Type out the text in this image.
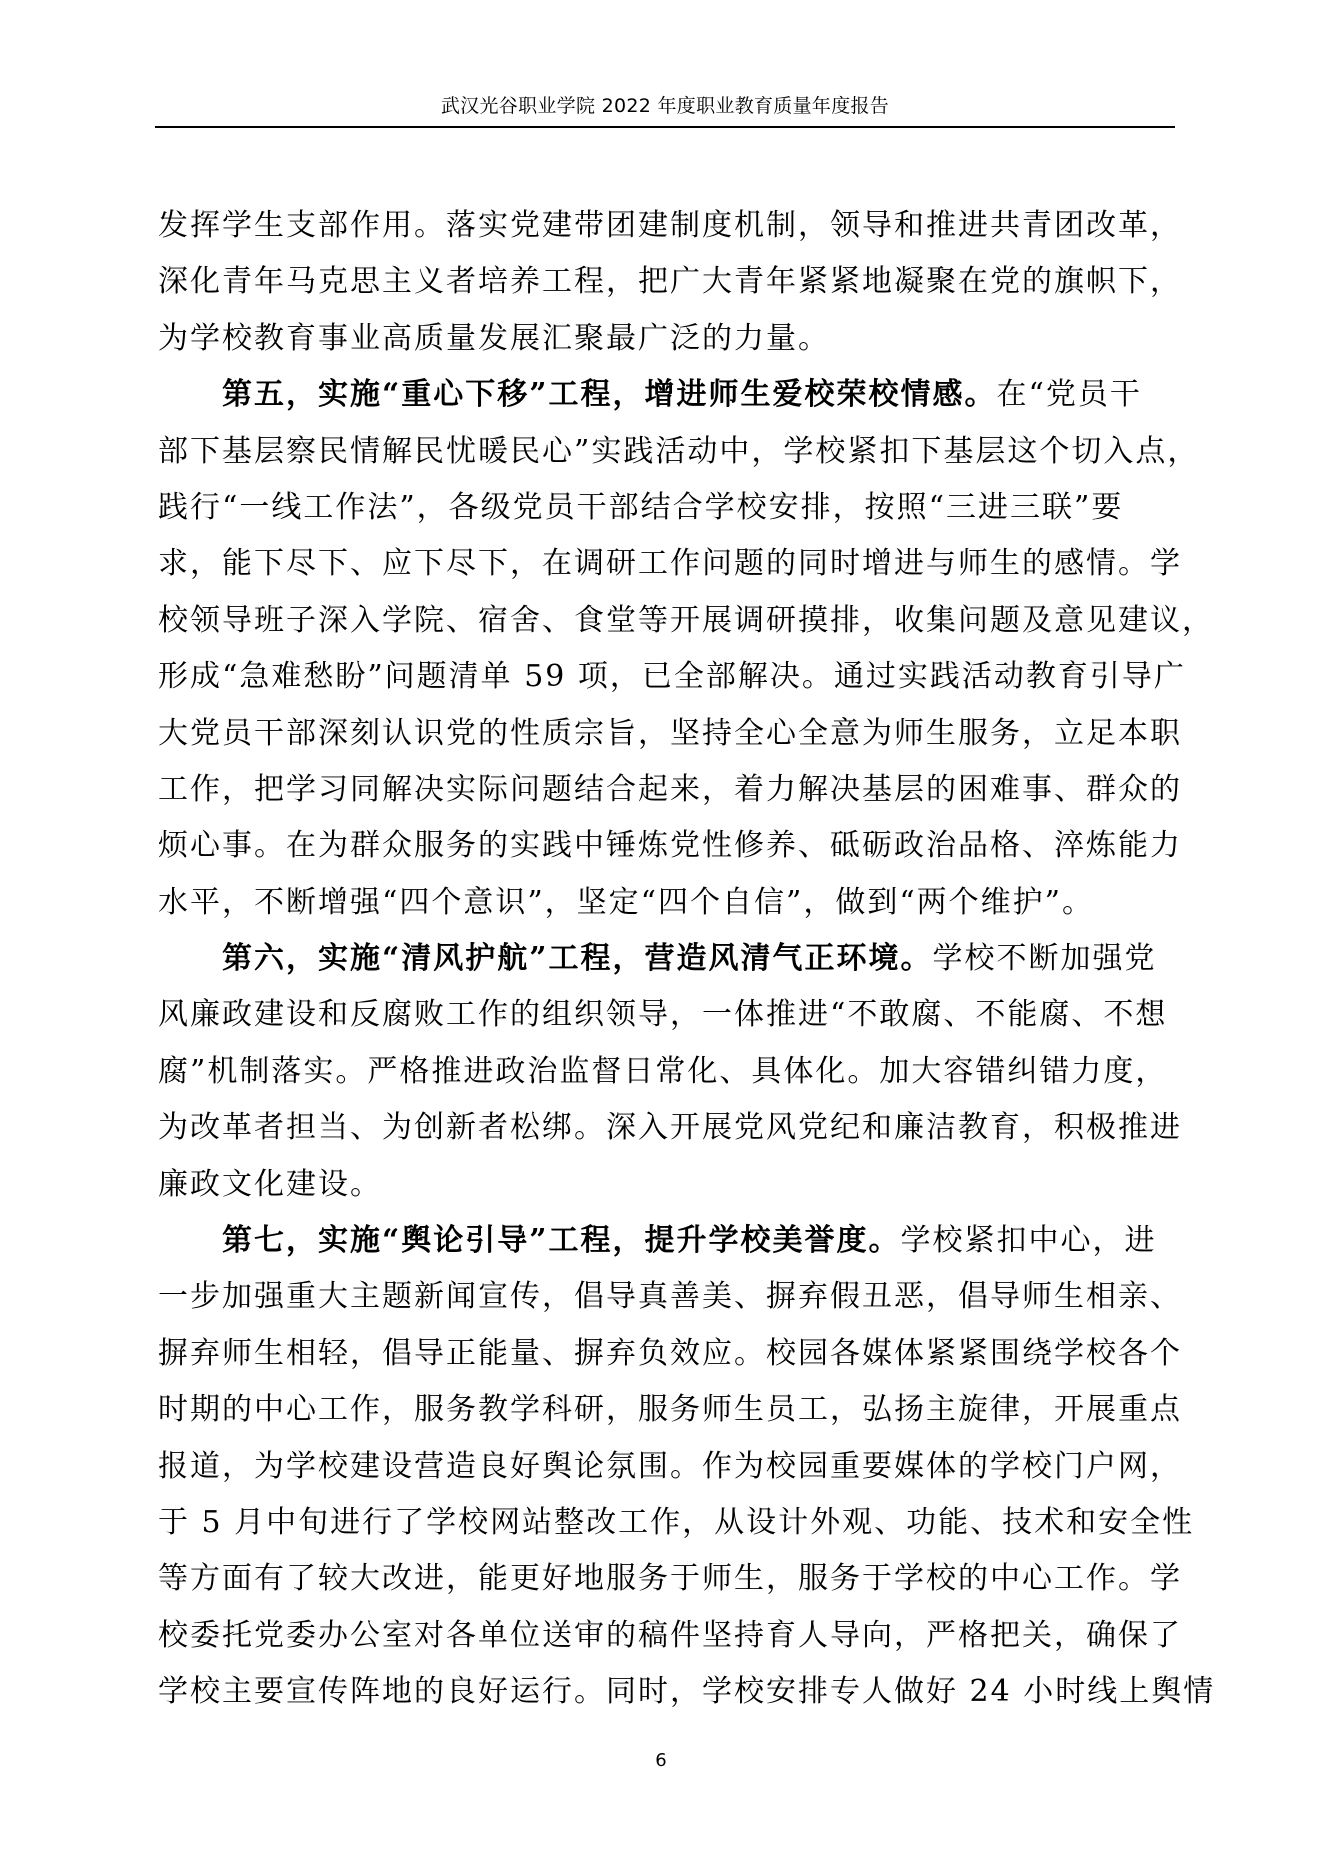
武汉光谷职业学院 2022 年度职业教育质量年度报告
发挥学生支部作用。落实党建带团建制度机制，领导和推进共青团改革，
深化青年马克思主义者培养工程，把广大青年紧紧地凝聚在党的旗帜下，
为学校教育事业高质量发展汇聚最广泛的力量。
第五，实施“重心下移”工程，增进师生爱校荣校情感。在“党员干
部下基层察民情解民忧暖民心”实践活动中，学校紧扣下基层这个切入点，
践行“一线工作法”，各级党员干部结合学校安排，按照“三进三联”要
求，能下尽下、应下尽下，在调研工作问题的同时增进与师生的感情。学
校领导班子深入学院、宿舍、食堂等开展调研摸排，收集问题及意见建议，
形成“急难愁盼”问题清单 59 项，已全部解决。通过实践活动教育引导广
大党员干部深刻认识党的性质宗旨，坚持全心全意为师生服务，立足本职
工作，把学习同解决实际问题结合起来，着力解决基层的困难事、群众的
烦心事。在为群众服务的实践中锤炼党性修养、砥砺政治品格、淬炼能力
水平，不断增强“四个意识”，坚定“四个自信”，做到“两个维护”。
第六，实施“清风护航”工程，营造风清气正环境。学校不断加强党
风廉政建设和反腐败工作的组织领导，一体推进“不敢腐、不能腐、不想
腐”机制落实。严格推进政治监督日常化、具体化。加大容错纠错力度，
为改革者担当、为创新者松绑。深入开展党风党纪和廉洁教育，积极推进
廉政文化建设。
第七，实施“舆论引导”工程，提升学校美誉度。学校紧扣中心，进
一步加强重大主题新闻宣传，倡导真善美、摒弃假丑恶，倡导师生相亲、
摒弃师生相轻，倡导正能量、摒弃负效应。校园各媒体紧紧围绕学校各个
时期的中心工作，服务教学科研，服务师生员工，弘扬主旋律，开展重点
报道，为学校建设营造良好舆论氛围。作为校园重要媒体的学校门户网，
于 5 月中旬进行了学校网站整改工作，从设计外观、功能、技术和安全性
等方面有了较大改进，能更好地服务于师生，服务于学校的中心工作。学
校委托党委办公室对各单位送审的稿件坚持育人导向，严格把关，确保了
学校主要宣传阵地的良好运行。同时，学校安排专人做好 24 小时线上舆情
6
